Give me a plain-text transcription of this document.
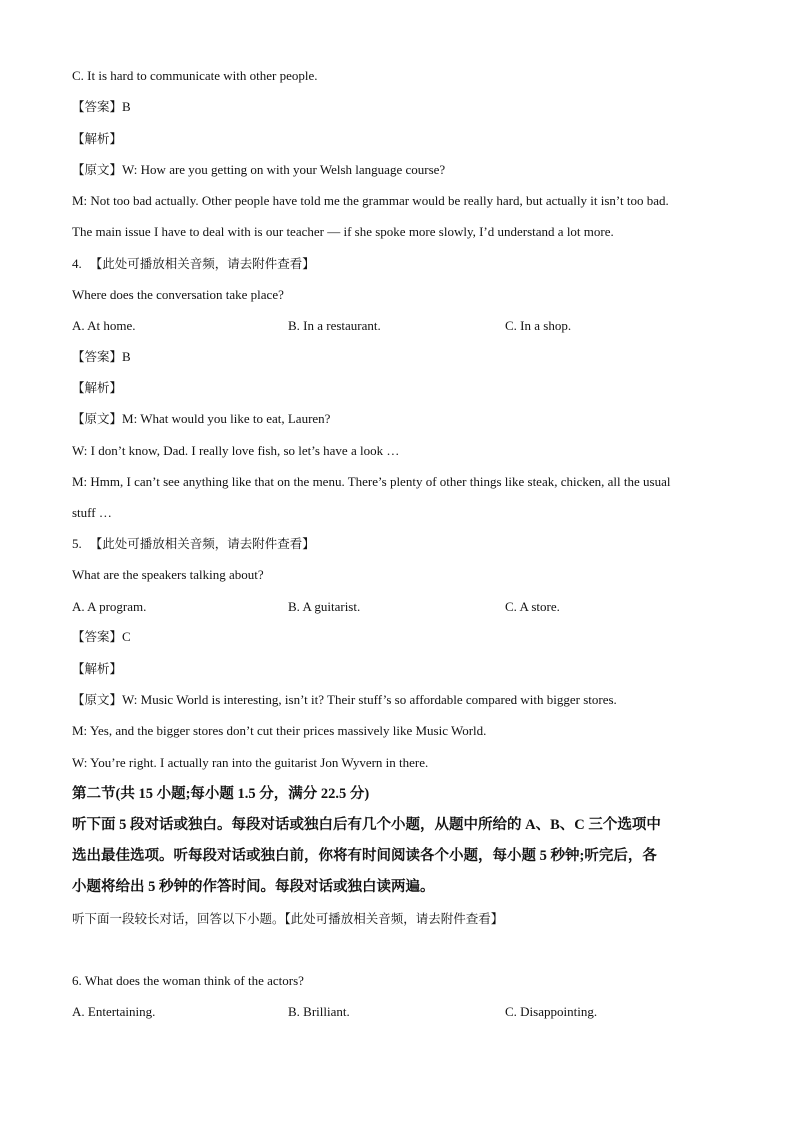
C. It is hard to communicate with other people.
【答案】B
【解析】
【原文】W: How are you getting on with your Welsh language course?
M: Not too bad actually. Other people have told me the grammar would be really hard, but actually it isn’t too bad.
The main issue I have to deal with is our teacher — if she spoke more slowly, I’d understand a lot more.
4. 【此处可播放相关音频，请去附件查看】
Where does the conversation take place?
A. At home.	B. In a restaurant.	C. In a shop.
【答案】B
【解析】
【原文】M: What would you like to eat, Lauren?
W: I don’t know, Dad. I really love fish, so let’s have a look …
M: Hmm, I can’t see anything like that on the menu. There’s plenty of other things like steak, chicken, all the usual
stuff …
5. 【此处可播放相关音频，请去附件查看】
What are the speakers talking about?
A. A program.	B. A guitarist.	C. A store.
【答案】C
【解析】
【原文】W: Music World is interesting, isn’t it? Their stuff’s so affordable compared with bigger stores.
M: Yes, and the bigger stores don’t cut their prices massively like Music World.
W: You’re right. I actually ran into the guitarist Jon Wyvern in there.
第二节(共 15 小题;每小题 1.5 分，满分 22.5 分)
听下面 5 段对话或独白。每段对话或独白后有几个小题，从题中所给的 A、B、C 三个选项中
选出最佳选项。听每段对话或独白前，你将有时间阅读各个小题，每小题 5 秒钟;听完后，各
小题将给出 5 秒钟的作答时间。每段对话或独白读两遍。
听下面一段较长对话，回答以下小题。【此处可播放相关音频，请去附件查看】
6. What does the woman think of the actors?
A. Entertaining.	B. Brilliant.	C. Disappointing.
